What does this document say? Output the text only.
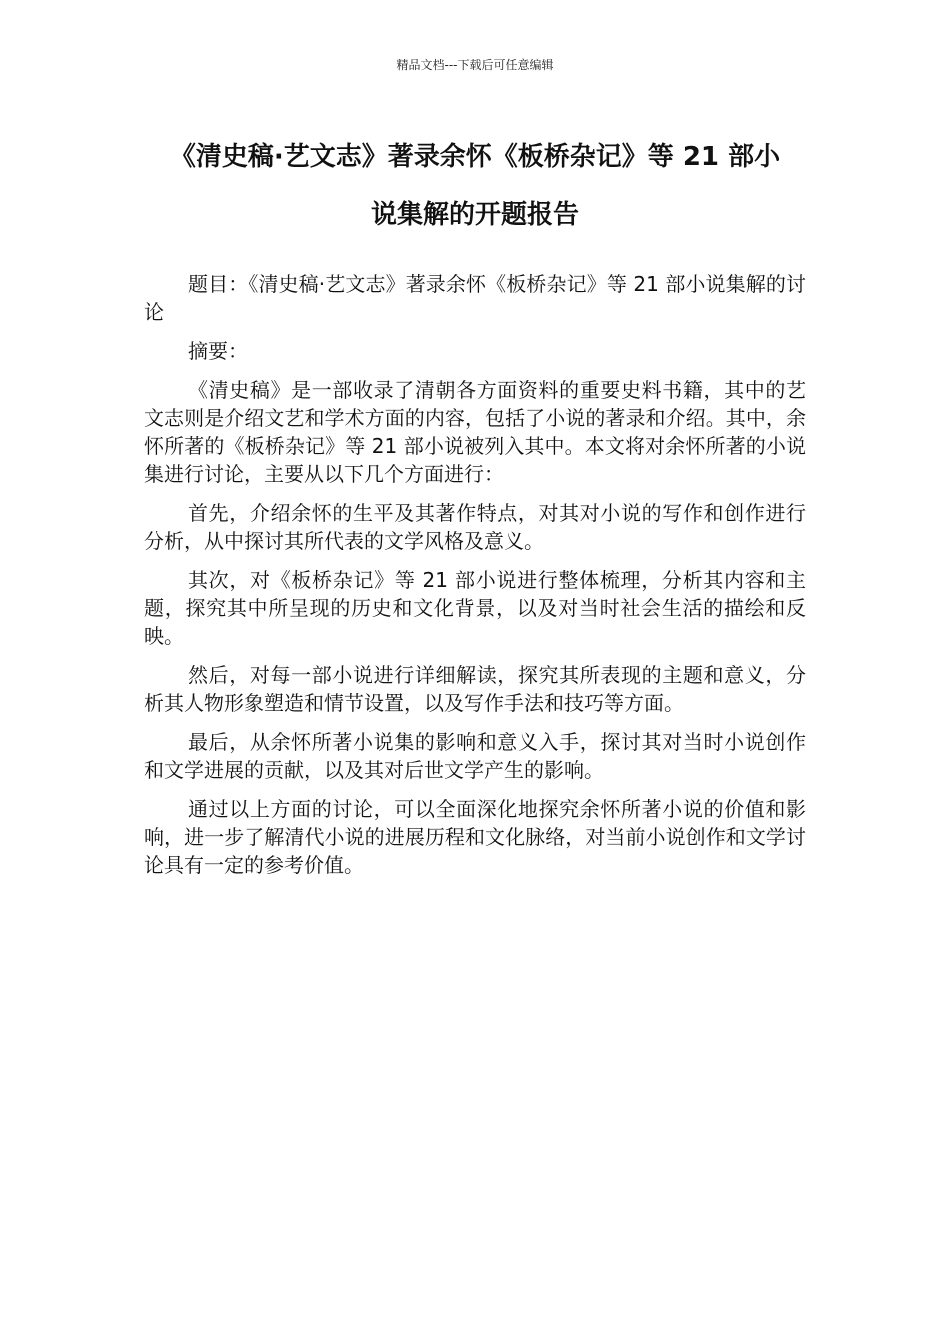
精品文档---下载后可任意编辑
《清史稿·艺文志》著录余怀《板桥杂记》等 21 部小
说集解的开题报告

题目：《清史稿·艺文志》著录余怀《板桥杂记》等 21 部小说集解的讨论

摘要：

《清史稿》是一部收录了清朝各方面资料的重要史料书籍，其中的艺文志则是介绍文艺和学术方面的内容，包括了小说的著录和介绍。其中，余怀所著的《板桥杂记》等 21 部小说被列入其中。本文将对余怀所著的小说集进行讨论，主要从以下几个方面进行：

首先，介绍余怀的生平及其著作特点，对其对小说的写作和创作进行分析，从中探讨其所代表的文学风格及意义。

其次，对《板桥杂记》等 21 部小说进行整体梳理，分析其内容和主题，探究其中所呈现的历史和文化背景，以及对当时社会生活的描绘和反映。

然后，对每一部小说进行详细解读，探究其所表现的主题和意义，分析其人物形象塑造和情节设置，以及写作手法和技巧等方面。

最后，从余怀所著小说集的影响和意义入手，探讨其对当时小说创作和文学进展的贡献，以及其对后世文学产生的影响。

通过以上方面的讨论，可以全面深化地探究余怀所著小说的价值和影响，进一步了解清代小说的进展历程和文化脉络，对当前小说创作和文学讨论具有一定的参考价值。
